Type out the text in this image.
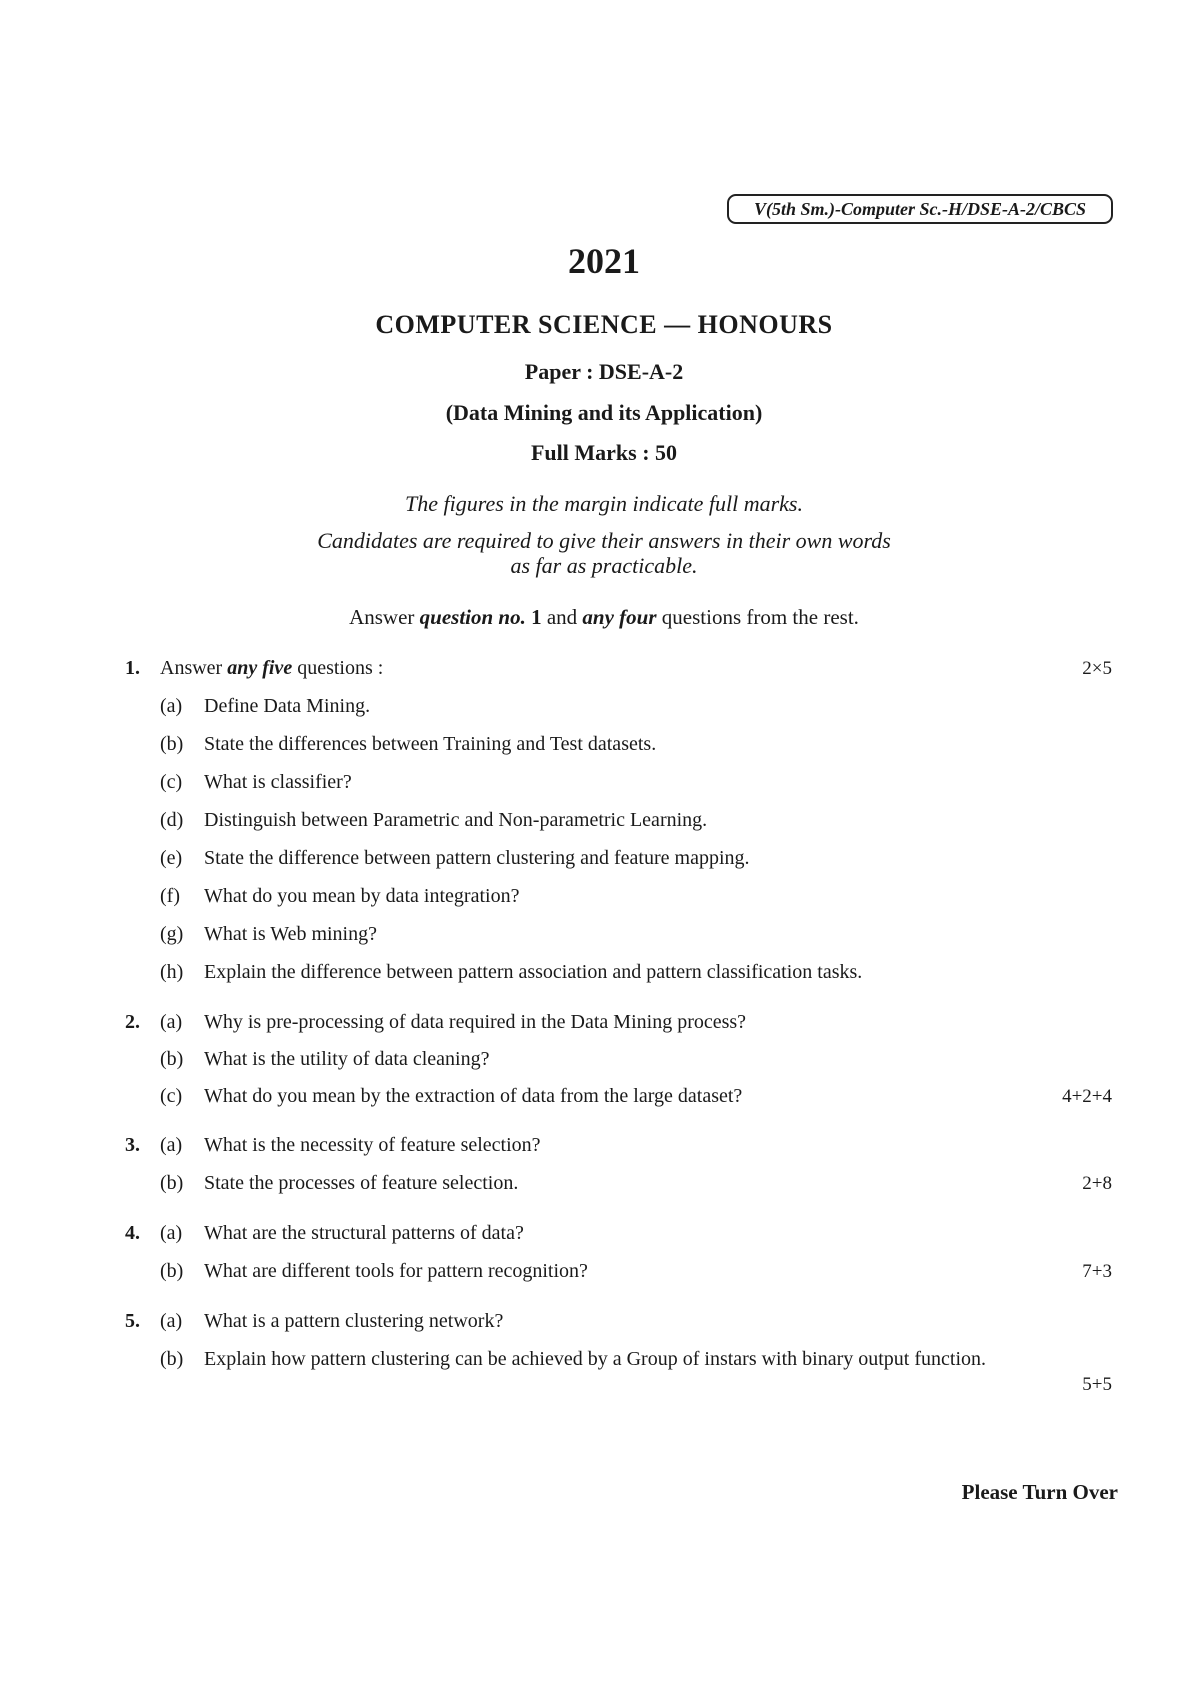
V(5th Sm.)-Computer Sc.-H/DSE-A-2/CBCS
2021
COMPUTER SCIENCE — HONOURS
Paper : DSE-A-2
(Data Mining and its Application)
Full Marks : 50
The figures in the margin indicate full marks.
Candidates are required to give their answers in their own words
as far as practicable.
Answer question no. 1 and any four questions from the rest.
1. Answer any five questions :	2×5
(a) Define Data Mining.
(b) State the differences between Training and Test datasets.
(c) What is classifier?
(d) Distinguish between Parametric and Non-parametric Learning.
(e) State the difference between pattern clustering and feature mapping.
(f) What do you mean by data integration?
(g) What is Web mining?
(h) Explain the difference between pattern association and pattern classification tasks.
2. (a) Why is pre-processing of data required in the Data Mining process?
(b) What is the utility of data cleaning?
(c) What do you mean by the extraction of data from the large dataset?	4+2+4
3. (a) What is the necessity of feature selection?
(b) State the processes of feature selection.	2+8
4. (a) What are the structural patterns of data?
(b) What are different tools for pattern recognition?	7+3
5. (a) What is a pattern clustering network?
(b) Explain how pattern clustering can be achieved by a Group of instars with binary output function.
5+5
Please Turn Over
